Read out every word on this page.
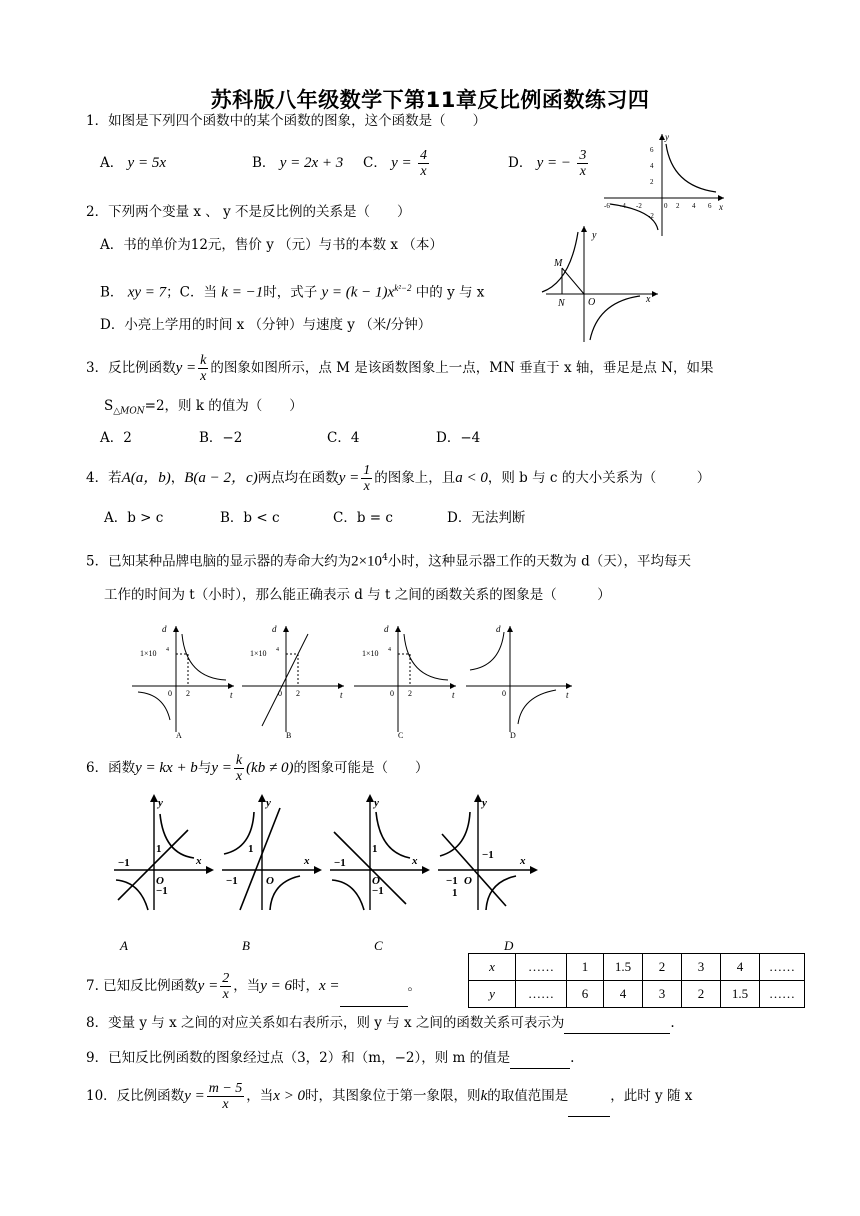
苏科版八年级数学下第11章反比例函数练习四
1．如图是下列四个函数中的某个函数的图象，这个函数是（　　）
A． y = 5x	B． y = 2x + 3 C． $y = \frac{4}{x}$	D． y = − $\frac{3}{x}$
y
x
6
4
2
-2
-6 -4 -2	0 2 4 6
2．下列两个变量 x 、 y 不是反比例的关系是（　　）
A．书的单价为12元，售价 y （元）与书的本数 x （本）
B． xy = 7；C．当 k = −1时，式子 $y = (k - 1)x^{k^2-2}$ 中的 y 与 x
D．小亮上学用的时间 x （分钟）与速度 y （米/分钟）
y
x
O
M
N
3．反比例函数$y = \frac{k}{x}$ 的图象如图所示，点 M 是该函数图象上一点，MN 垂直于 x 轴，垂足是点 N，如果
$S_{\triangle MON}=2$，则 k 的值为（　　）
A．2	B．−2	C．4	D．−4
4．若A(a，b)，B(a − 2，c)两点均在函数$y = \frac{1}{x}$ 的图象上，且a < 0，则 b 与 c 的大小关系为（　　　）
A．b > c	B．b < c	C．b = c	D．无法判断
5．已知某种品牌电脑的显示器的寿命大约为$2\times 10^4$小时，这种显示器工作的天数为 d（天），平均每天
工作的时间为 t（小时），那么能正确表示 d 与 t 之间的函数关系的图象是（　　　）
d
t
1×10 4
0 2
A
d
t
1×10 4
0 2
B
d
t
1×10 4
0 2
C
d
t
0
D
6．函数y = kx + b与$y = \frac{k}{x} (kb \ne 0)$的图象可能是（　　）
y
x
1
−1
O
−1
y
x
1
−1	O
y
x
1
−1
O
−1
y
x
−1
−1 O
1
A	B	C	D
7. 已知反比例函数$y = \frac{2}{x}$ ，当y = 6时，x =	。
x	……	1	1.5	2	3	4	……
y	……	6	4	3	2	1.5	……
8．变量 y 与 x 之间的对应关系如右表所示，则 y 与 x 之间的函数关系可表示为	.
9．已知反比例函数的图象经过点（3，2）和（m，−2），则 m 的值是	.
10．反比例函数$y = \frac{m - 5}{x}$ ，当x > 0时，其图象位于第一象限，则k的取值范围是	，此时 y 随 x
